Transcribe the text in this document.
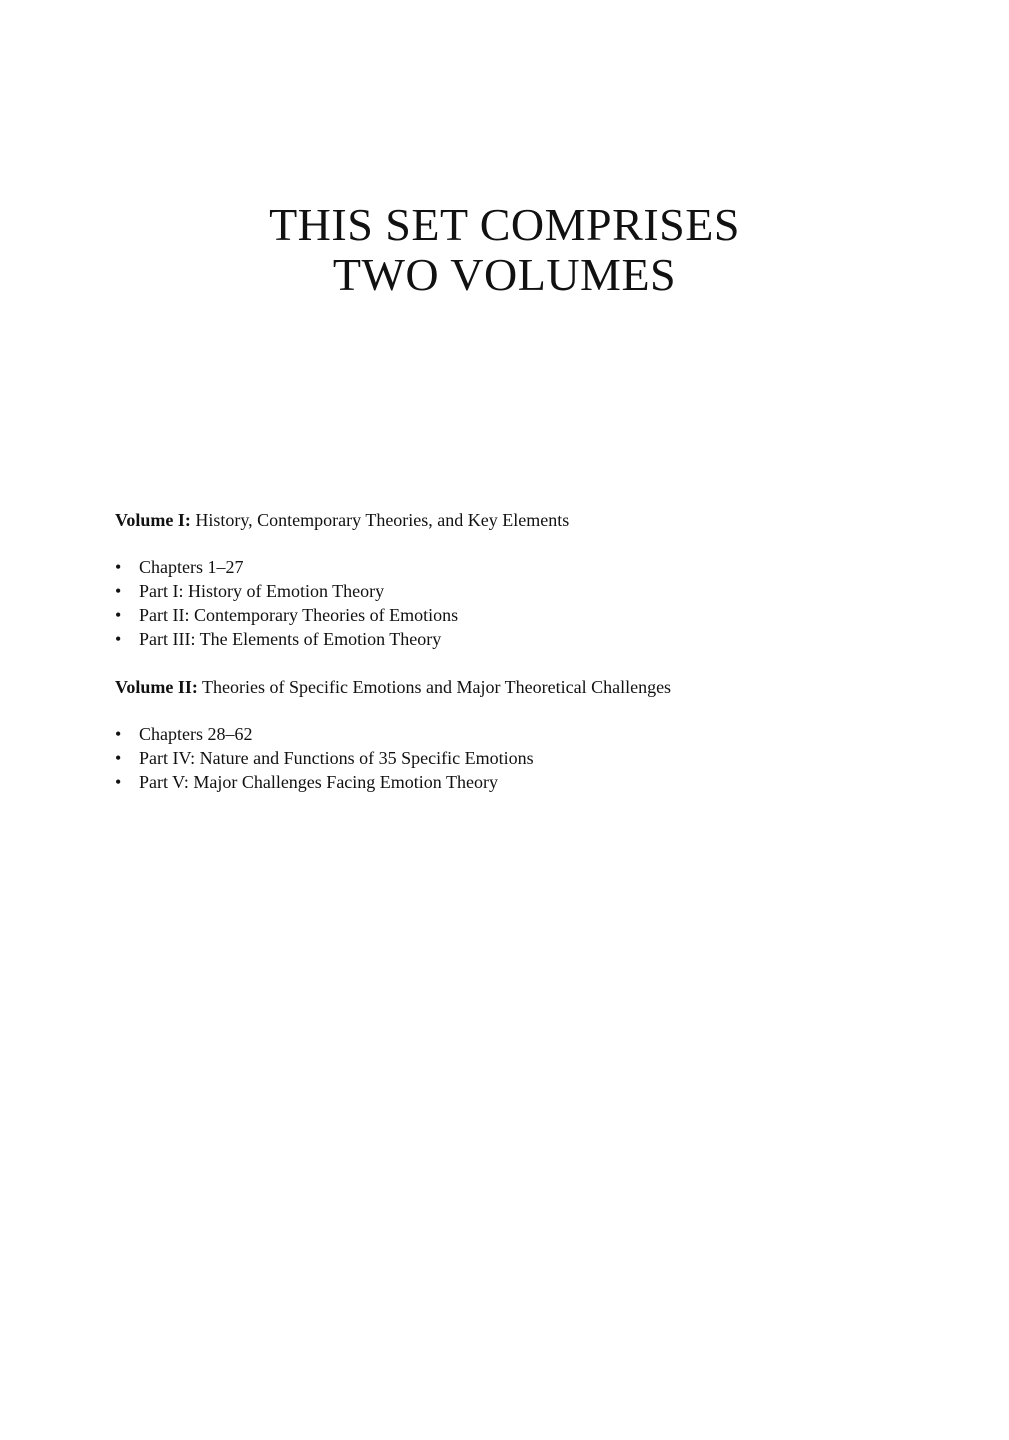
THIS SET COMPRISES
TWO VOLUMES

Volume I: History, Contemporary Theories, and Key Elements

• Chapters 1–27
• Part I: History of Emotion Theory
• Part II: Contemporary Theories of Emotions
• Part III: The Elements of Emotion Theory

Volume II: Theories of Specific Emotions and Major Theoretical Challenges

• Chapters 28–62
• Part IV: Nature and Functions of 35 Specific Emotions
• Part V: Major Challenges Facing Emotion Theory
